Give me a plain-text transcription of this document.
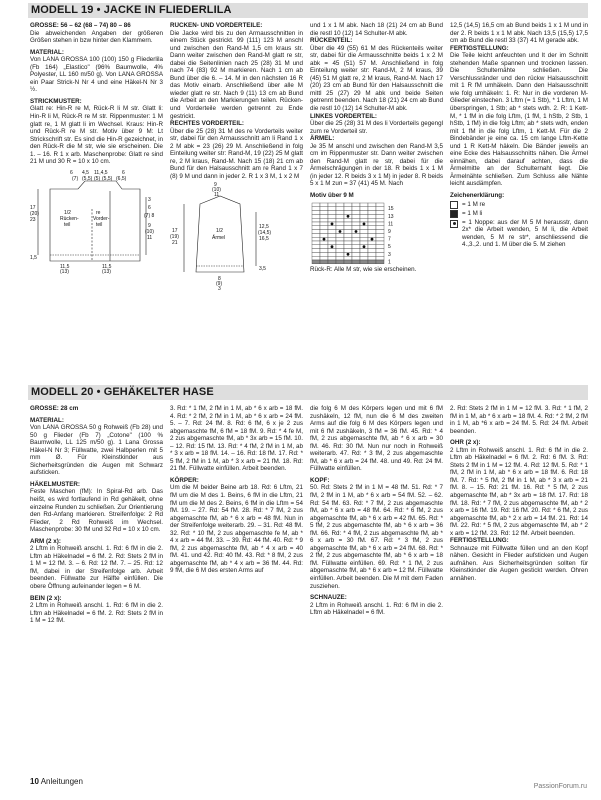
MODELL 19 • JACKE IN FLIEDERLILA
MODELL 20 • GEHÄKELTER HASE

GRÖSSE: 56 – 62 (68 – 74) 80 – 86

Die abweichenden Angaben der größeren Größen stehen in bzw hinter den Klammern.

MATERIAL:

Von LANA GROSSA 100 (100) 150 g Fliederlila (Fb 164) „Elastico" (96% Baumwolle, 4% Polyester, LL 160 m/50 g). Von LANA GROSSA ein Paar Strick-N Nr 4 und eine Häkel-N Nr 3 ½.

STRICKMUSTER:

Glatt re: Hin-R re M, Rück-R li M str. Glatt li: Hin-R li M, Rück-R re M str. Rippenmuster: 1 M glatt re, 1 M glatt li im Wechsel. Kraus: Hin-R und Rück-R re M str. Motiv über 9 M: Lt Strickschrift str. Es sind die Hin-R gezeichnet, in den Rück-R die M str, wie sie erscheinen. Die 1. – 16. R 1 x arb. Maschenprobe: Glatt re sind 21 M und 30 R = 10 x 10 cm.

6 4,5 11,4,5	6
(7) (5,5) (5) (5,5) (6,5)
17
(20)
23
1/2
Rücken-
teil
re
Vorder-
teil
3
6
(7) 8
9
(10)
11
1,5
11,5
(13)
11,5
(13)

RÜCKEN- UND VORDERTEILE:

Die Jacke wird bis zu den Armausschnitten in einem Stück gestrickt. 99 (111) 123 M anschl und zwischen den Rand-M 1,5 cm kraus str. Dann weiter zwischen den Rand-M glatt re str, dabei die Seitenlinien nach 25 (28) 31 M und nach 74 (83) 92 M markieren. Nach 1 cm ab Bund über die 6. – 14. M in den nächsten 16 R das Motiv einarb. Anschließend über alle M wieder glatt re str. Nach 9 (11) 13 cm ab Bund die Arbeit an den Markierungen teilen. Rücken- und Vorderteile werden getrennt zu Ende gestrickt.

RECHTES VORDERTEIL:

Über die 25 (28) 31 M des re Vorderteils weiter str, dabei für den Armausschnitt am li Rand 1 x 2 M abk = 23 (26) 29 M. Anschließend in folg Einteilung weiter str: Rand-M, 19 (22) 25 M glatt re, 2 M kraus, Rand-M. Nach 15 (18) 21 cm ab Bund für den Halsausschnitt am re Rand 1 x 7 (8) 9 M und dann in jeder 2. R 1 x 3 M, 1 x 2 M

9
(10)
11
1/2
Ärmel
17
(19)
21
12,5
(14,5)
16,5
3,5
8
(9)
3

und 1 x 1 M abk. Nach 18 (21) 24 cm ab Bund die restl 10 (12) 14 Schulter-M abk.

RÜCKENTEIL:

Über die 49 (55) 61 M des Rückenteils weiter str, dabei für die Armausschnitte beids 1 x 2 M abk = 45 (51) 57 M. Anschließend in folg Einteilung weiter str: Rand-M, 2 M kraus, 39 (45) 51 M glatt re, 2 M kraus, Rand-M. Nach 17 (20) 23 cm ab Bund für den Halsausschnitt die mittl 25 (27) 29 M abk und beide Seiten getrennt beenden. Nach 18 (21) 24 cm ab Bund die restl 10 (12) 14 Schulter-M abk.

LINKES VORDERTEIL:

Über die 25 (28) 31 M des li Vorderteils gegengl zum re Vorderteil str.

ÄRMEL:

Je 35 M anschl und zwischen den Rand-M 3,5 cm im Rippenmuster str. Dann weiter zwischen den Rand-M glatt re str, dabei für die Ärmelschrägungen in der 18. R beids 1 x 1 M (in jeder 12. R beids 3 x 1 M) in jeder 8. R beids 5 x 1 M zun = 37 (41) 45 M. Nach

Motiv über 9 M

15
13
11
9
7
5
3
1

Rück-R: Alle M str, wie sie erscheinen.

12,5 (14,5) 16,5 cm ab Bund beids 1 x 1 M und in der 2. R beids 1 x 1 M abk. Nach 13,5 (15,5) 17,5 cm ab Bund die restl 33 (37) 41 M gerade abk.

FERTIGSTELLUNG:

Die Teile leicht anfeuchten und lt der im Schnitt stehenden Maße spannen und trocknen lassen. Die Schulternähte schließen. Die Verschlussränder und den rückw Halsausschnitt mit 1 R fM umhäkeln. Dann den Halsausschnitt wie folg umhäkeln: 1. R: Nur in die vorderen M-Glieder einstechen. 3 Lftm (= 1 Stb), * 1 Lftm, 1 M überspringen, 1 Stb; ab * stets wdh. 2. R: 1 Kett-M, * 1 fM in die folg Lftm, (1 fM, 1 hStb, 2 Stb, 1 hStb, 1 fM) in die folg Lftm; ab * stets wdh, enden mit 1 fM in die folg Lftm, 1 Kett-M. Für die 2 Bindebänder je eine ca. 15 cm lange Lftm-Kette und 1 R Kett-M häkeln. Die Bänder jeweils an eine Ecke des Halsausschnitts nähen. Die Ärmel einnähen, dabei darauf achten, dass die Ärmelmitte an der Schulternaht liegt. Die Ärmelnähte schließen. Zum Schluss alle Nähte leicht ausdämpfen.

Zeichenerklärung:

= 1 M re
= 1 M li
= 1 Noppe: aus der M 5 M herausstr, dann 2x* die Arbeit wenden, 5 M li, die Arbeit wenden, 5 M re str*, anschliessend die 4.,3.,2. und 1. M über die 5. M ziehen

GRÖSSE: 28 cm

MATERIAL:

Von LANA GROSSA 50 g Rohweiß (Fb 28) und 50 g Flieder (Fb 7) „Cotone" (100 % Baumwolle, LL 125 m/50 g). 1 Lana Grossa Häkel-N Nr 3; Füllwatte, zwei Halbperlen mit 5 mm Ø. Für Kleinstkinder aus Sicherheitsgründen die Augen mit Schwarz aufsticken.

HÄKELMUSTER:

Feste Maschen (fM): In Spiral-Rd arb. Das heißt, es wird fortlaufend in Rd gehäkelt, ohne einzelne Runden zu schließen. Zur Orientierung den Rd-Anfang markieren. Streifenfolge: 2 Rd Flieder, 2 Rd Rohweiß im Wechsel. Maschenprobe: 30 fM und 32 Rd = 10 x 10 cm.

ARM (2 x):

2 Lftm in Rohweiß anschl. 1. Rd: 6 fM in die 2. Lftm ab Häkelnadel = 6 fM. 2. Rd: Stets 2 fM in 1 M = 12 fM. 3. – 6. Rd: 12 fM. 7. – 25. Rd: 12 fM, dabei in der Streifenfolge arb. Arbeit beenden. Füllwatte zur Hälfte einfüllen. Die obere Öffnung aufeinander legen = 6 M.

BEIN (2 x):

2 Lftm in Rohweiß anschl. 1. Rd: 6 fM in die 2. Lftm ab Häkelnadel = 6 fM. 2. Rd: Stets 2 fM in 1 M = 12 fM.

3. Rd: * 1 fM, 2 fM in 1 M, ab * 6 x arb = 18 fM. 4. Rd: * 2 fM, 2 fM in 1 M, ab * 6 x arb = 24 fM. 5. – 7. Rd: 24 fM. 8. Rd: 6 fM, 6 x je 2 zus abgemaschte fM, 6 fM = 18 fM. 9. Rd: * 4 fe M, 2 zus abgemaschte fM, ab * 3x arb = 15 fM. 10. – 12. Rd: 15 fM. 13. Rd: * 4 fM, 2 fM in 1 M, ab * 3 x arb = 18 fM. 14. – 16. Rd: 18 fM. 17. Rd: * 5 fM, 2 fM in 1 M, ab * 3 x arb = 21 fM. 18. Rd: 21 fM. Füllwatte einfüllen. Arbeit beenden.

KÖRPER:

Um die M beider Beine arb 18. Rd: 6 Lftm, 21 fM um die M des 1. Beins, 6 fM in die Lftm, 21 fM um die M des 2. Beins, 6 fM in die Lftm = 54 fM. 19. – 27. Rd: 54 fM. 28. Rd: * 7 fM, 2 zus abgemaschte fM, ab * 6 x arb = 48 fM. Nun in der Streifenfolge weiterarb. 29. – 31. Rd: 48 fM. 32. Rd: * 10 fM, 2 zus abgemaschte fe M, ab * 4 x arb = 44 fM. 33. – 39. Rd: 44 fM. 40. Rd: * 9 fM, 2 zus abgemaschte fM, ab * 4 x arb = 40 fM. 41. und 42. Rd: 40 fM. 43. Rd: * 8 fM, 2 zus abgemaschte fM, ab * 4 x arb = 36 fM. 44. Rd: 9 fM, die 6 M des ersten Arms auf

die folg 6 M des Körpers legen und mit 6 fM zushäkeln, 12 fM, nun die 6 M des zweiten Arms auf die folg 6 M des Körpers legen und mit 6 fM zushäkeln, 3 fM = 36 fM. 45. Rd: * 4 fM, 2 zus abgemaschte fM, ab * 6 x arb = 30 fM. 46. Rd: 30 fM. Nun nur noch in Rohweiß weiterarb. 47. Rd: * 3 fM, 2 zus abgemaschte fM, ab * 6 x arb = 24 fM. 48. und 49. Rd: 24 fM. Füllwatte einfüllen.

KOPF:

50. Rd: Stets 2 fM in 1 M = 48 fM. 51. Rd: * 7 fM, 2 fM in 1 M, ab * 6 x arb = 54 fM. 52. – 62. Rd: 54 fM. 63. Rd: * 7 fM, 2 zus abgemaschte fM, ab * 6 x arb = 48 fM. 64. Rd: * 6 fM, 2 zus abgemaschte fM, ab * 6 x arb = 42 fM. 65. Rd: * 5 fM, 2 zus abgemaschte fM, ab * 6 x arb = 36 fM. 66. Rd: * 4 fM, 2 zus abgemaschte fM, ab * 6 x arb = 30 fM. 67. Rd: * 3 fM, 2 zus abgemaschte fM, ab * 6 x arb = 24 fM. 68. Rd: * 2 fM, 2 zus abgemaschte fM, ab * 6 x arb = 18 fM. Füllwatte einfüllen. 69. Rd: * 1 fM, 2 zus abgemaschte fM, ab * 6 x arb = 12 fM. Füllwatte einfüllen. Arbeit beenden. Die M mit dem Faden zusziehen.

SCHNAUZE:

2 Lftm in Rohweiß anschl. 1. Rd: 6 fM in die 2. Lftm ab Häkelnadel = 6 fM.

2. Rd: Stets 2 fM in 1 M = 12 fM. 3. Rd: * 1 fM, 2 fM in 1 M, ab * 6 x arb = 18 fM. 4. Rd: * 2 fM, 2 fM in 1 M, ab *6 x arb = 24 fM. 5. Rd: 24 fM. Arbeit beenden.

OHR (2 x):

2 Lftm in Rohweiß anschl. 1. Rd: 6 fM in die 2. Lftm ab Häkelnadel = 6 fM. 2. Rd: 6 fM. 3. Rd: Stets 2 fM in 1 M = 12 fM. 4. Rd: 12 fM. 5. Rd: * 1 fM, 2 fM in 1 M, ab * 6 x arb = 18 fM. 6. Rd: 18 fM. 7. Rd: * 5 fM, 2 fM in 1 M, ab * 3 x arb = 21 fM. 8. – 15. Rd: 21 fM. 16. Rd: * 5 fM, 2 zus abgemaschte fM, ab * 3x arb = 18 fM. 17. Rd: 18 fM. 18. Rd: * 7 fM, 2 zus abgemaschte fM, ab * 2 x arb = 16 fM. 19. Rd: 16 fM. 20. Rd: * 6 fM, 2 zus abgemaschte fM, ab * 2 x arb = 14 fM. 21. Rd: 14 fM. 22. Rd: * 5 fM, 2 zus abgemaschte fM, ab * 2 x arb = 12 fM. 23. Rd: 12 fM. Arbeit beenden.

FERTIGSTELLUNG:

Schnauze mit Füllwatte füllen und an den Kopf nähen. Gesicht in Flieder aufsticken und Augen aufnähen. Aus Sicherheitsgründen sollten für Kleinstkinder die Augen gestickt werden. Ohren annähen.

10 Anleitungen
PassionForum.ru
